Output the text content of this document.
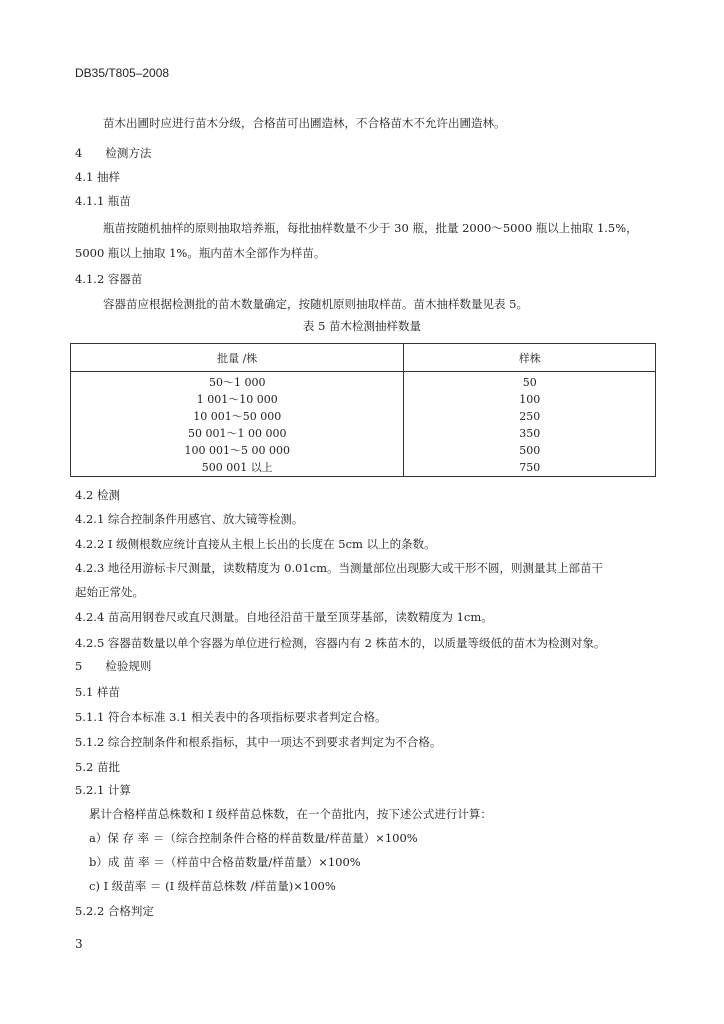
DB35/T805–2008
苗木出圃时应进行苗木分级，合格苗可出圃造林，不合格苗木不允许出圃造林。
4　　检测方法
4.1 抽样
4.1.1 瓶苗
瓶苗按随机抽样的原则抽取培养瓶，每批抽样数量不少于 30 瓶，批量 2000～5000 瓶以上抽取 1.5%，
5000 瓶以上抽取 1%。瓶内苗木全部作为样苗。
4.1.2 容器苗
容器苗应根据检测批的苗木数量确定，按随机原则抽取样苗。苗木抽样数量见表 5。
表 5 苗木检测抽样数量
批量 /株	样株
50～1 000	50
1 001～10 000	100
10 001～50 000	250
50 001～1 00 000	350
100 001～5 00 000	500
500 001 以上	750
4.2 检测
4.2.1 综合控制条件用感官、放大镜等检测。
4.2.2 I 级侧根数应统计直接从主根上长出的长度在 5cm 以上的条数。
4.2.3 地径用游标卡尺测量，读数精度为 0.01cm。当测量部位出现膨大或干形不圆，则测量其上部苗干
起始正常处。
4.2.4 苗高用钢卷尺或直尺测量。自地径沿苗干量至顶芽基部，读数精度为 1cm。
4.2.5 容器苗数量以单个容器为单位进行检测，容器内有 2 株苗木的，以质量等级低的苗木为检测对象。
5　　检验规则
5.1 样苗
5.1.1 符合本标准 3.1 相关表中的各项指标要求者判定合格。
5.1.2 综合控制条件和根系指标，其中一项达不到要求者判定为不合格。
5.2 苗批
5.2.1 计算
累计合格样苗总株数和 I 级样苗总株数，在一个苗批内，按下述公式进行计算：
a）保 存 率 ＝（综合控制条件合格的样苗数量/样苗量）×100%
b）成 苗 率 ＝（样苗中合格苗数量/样苗量）×100%
c) I 级苗率 ＝ (I 级样苗总株数 /样苗量)×100%
5.2.2 合格判定
3
